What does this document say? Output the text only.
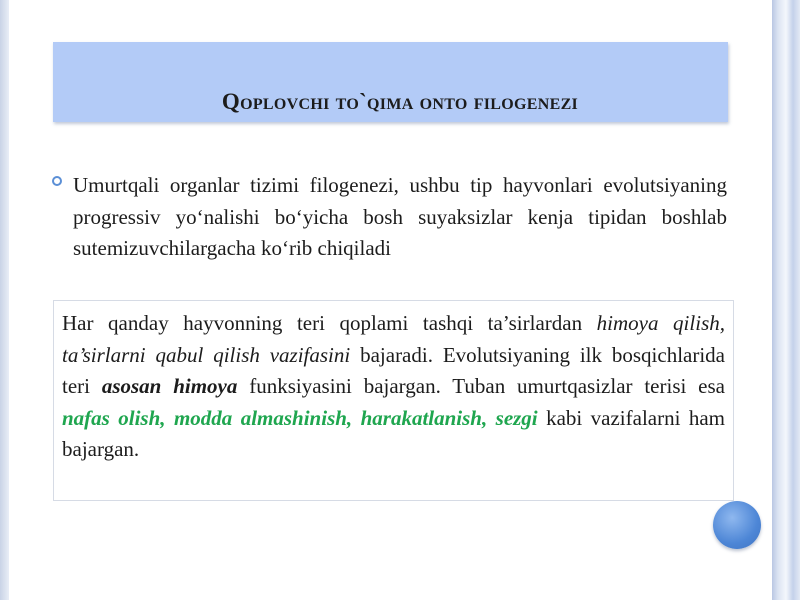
Qoplovchi to`qima onto filogenezi
Umurtqali organlar tizimi filogenezi, ushbu tip hayvonlari evolutsiyaning progressiv yo‘nalishi bo‘yicha bosh suyaksizlar kenja tipidan boshlab sutemizuvchilargacha ko‘rib chiqiladi
Har qanday hayvonning teri qoplami tashqi ta’sirlardan himoya qilish, ta’sirlarni qabul qilish vazifasini bajaradi. Evolutsiyaning ilk bosqichlarida teri asosan himoya funksiyasini bajargan. Tuban umurtqasizlar terisi esa nafas olish, modda almashinish, harakatlanish, sezgi kabi vazifalarni ham bajargan.
